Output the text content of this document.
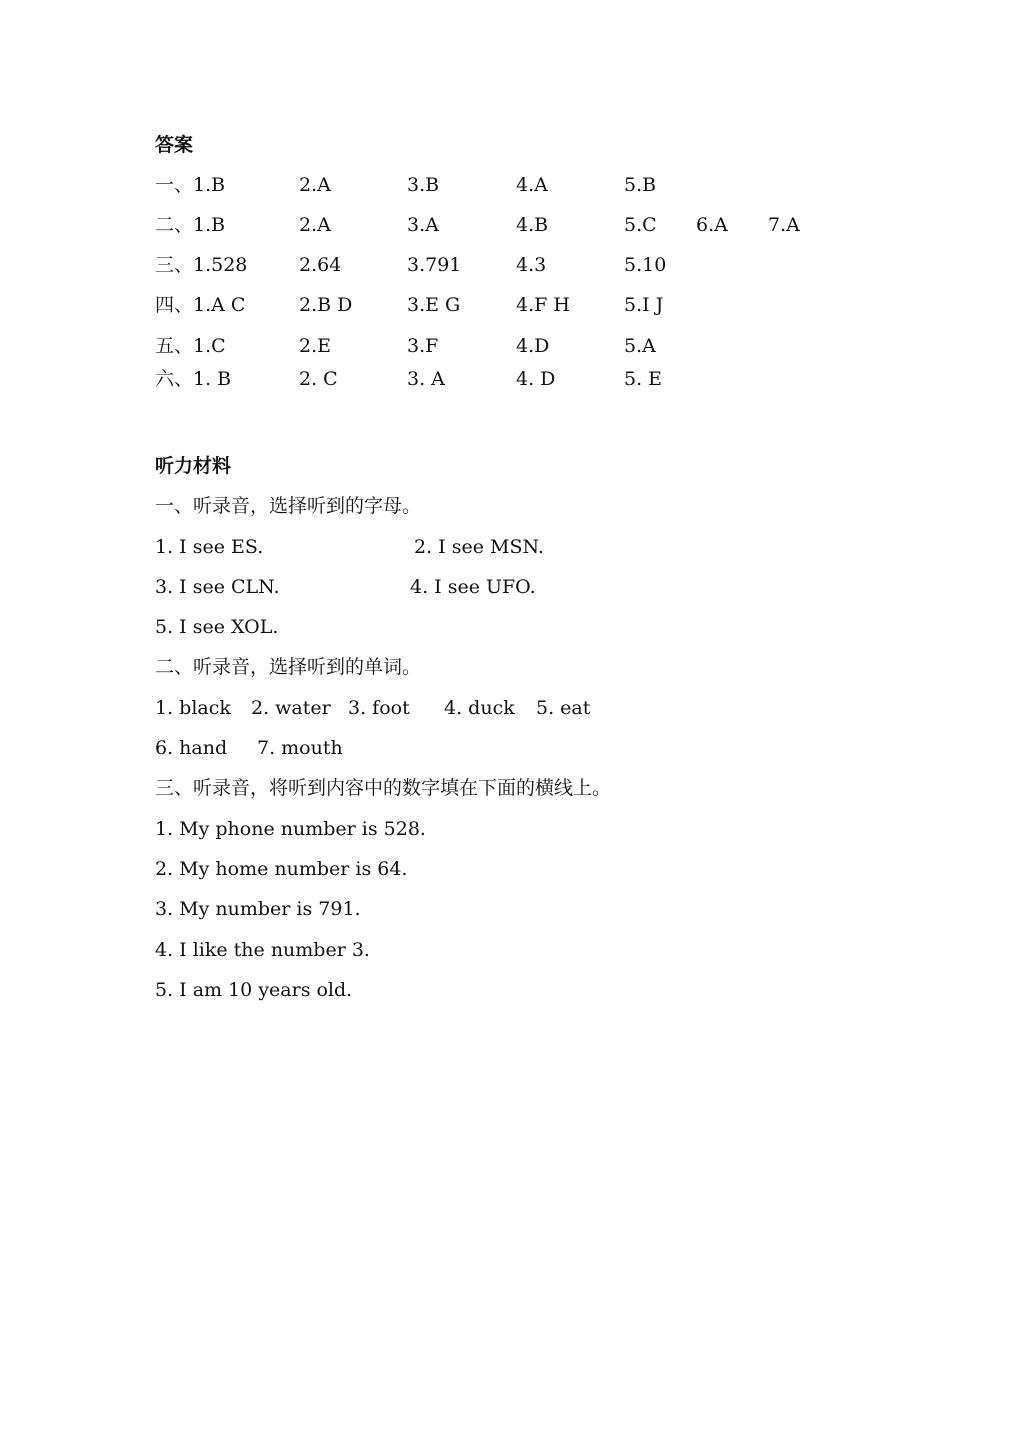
答案
一、1.B	2.A	3.B	4.A	5.B
二、1.B	2.A	3.A	4.B	5.C 6.A 7.A
三、1.528	2.64	3.791	4.3	5.10
四、1.A C	2.B D	3.E G	4.F H	5.I J
五、1.C	2.E	3.F	4.D	5.A
六、1. B	2. C	3. A	4. D	5. E
听力材料
一、听录音，选择听到的字母。
1. I see ES.	2. I see MSN.
3. I see CLN.	4. I see UFO.
5. I see XOL.
二、听录音，选择听到的单词。
1. black 2. water 3. foot 4. duck 5. eat
6. hand 7. mouth
三、听录音，将听到内容中的数字填在下面的横线上。
1. My phone number is 528.
2. My home number is 64.
3. My number is 791.
4. I like the number 3.
5. I am 10 years old.
